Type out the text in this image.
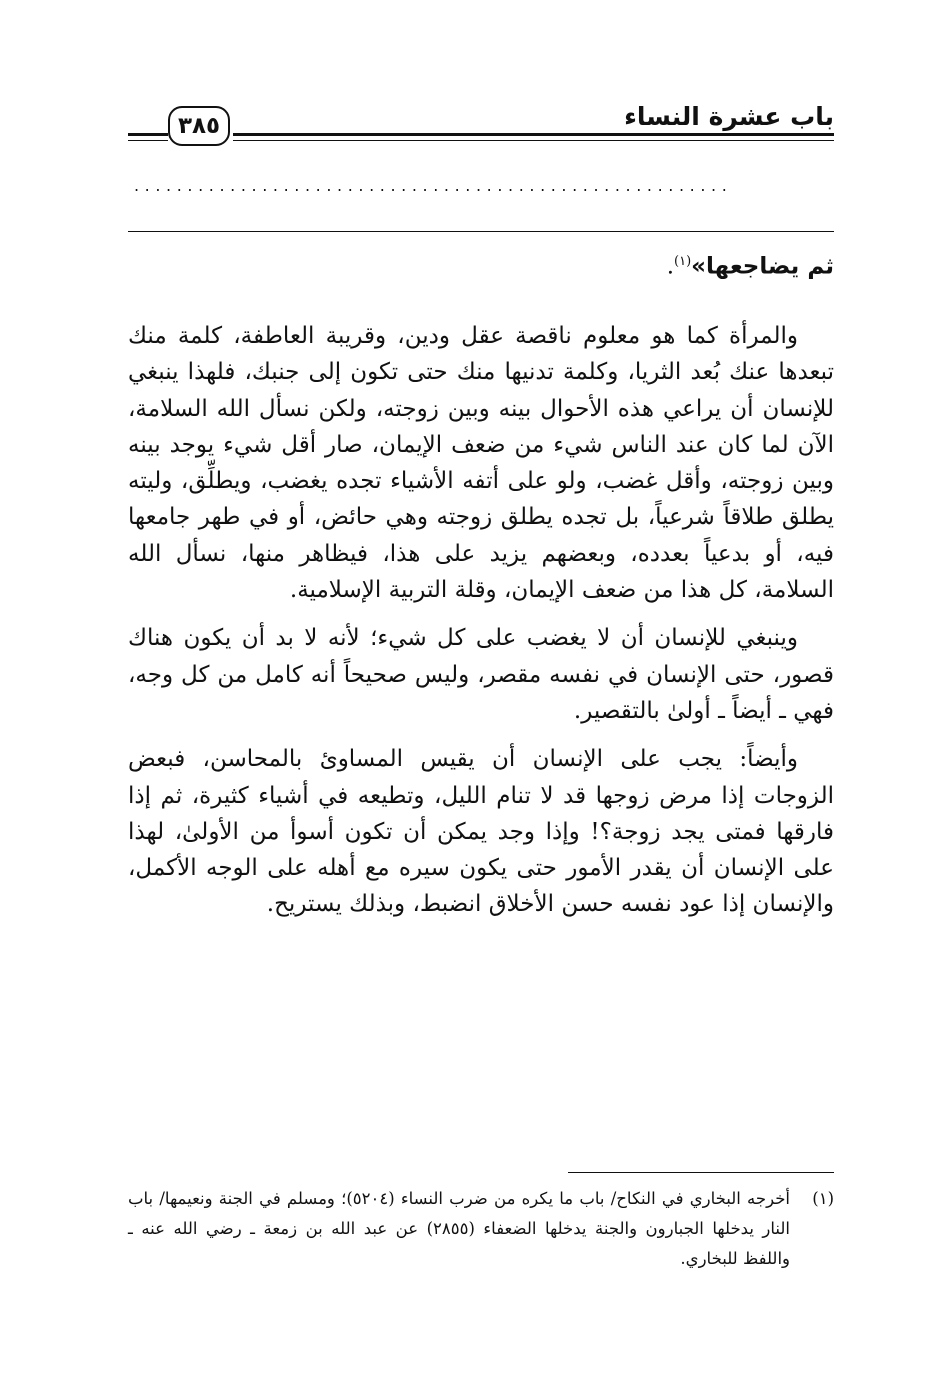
باب عشرة النساء
٣٨٥
........................................................

ثم يضاجعها»$^{(١)}$.

والمرأة كما هو معلوم ناقصة عقل ودين، وقريبة العاطفة، كلمة منك تبعدها عنك بُعد الثريا، وكلمة تدنيها منك حتى تكون إلى جنبك، فلهذا ينبغي للإنسان أن يراعي هذه الأحوال بينه وبين زوجته، ولكن نسأل الله السلامة، الآن لما كان عند الناس شيء من ضعف الإيمان، صار أقل شيء يوجد بينه وبين زوجته، وأقل غضب، ولو على أتفه الأشياء تجده يغضب، ويطلِّق، وليته يطلق طلاقاً شرعياً، بل تجده يطلق زوجته وهي حائض، أو في طهر جامعها فيه، أو بدعياً بعدده، وبعضهم يزيد على هذا، فيظاهر منها، نسأل الله السلامة، كل هذا من ضعف الإيمان، وقلة التربية الإسلامية.

وينبغي للإنسان أن لا يغضب على كل شيء؛ لأنه لا بد أن يكون هناك قصور، حتى الإنسان في نفسه مقصر، وليس صحيحاً أنه كامل من كل وجه، فهي ـ أيضاً ـ أولىٰ بالتقصير.

وأيضاً: يجب على الإنسان أن يقيس المساوئ بالمحاسن، فبعض الزوجات إذا مرض زوجها قد لا تنام الليل، وتطيعه في أشياء كثيرة، ثم إذا فارقها فمتى يجد زوجة؟! وإذا وجد يمكن أن تكون أسوأ من الأولىٰ، لهذا على الإنسان أن يقدر الأمور حتى يكون سيره مع أهله على الوجه الأكمل، والإنسان إذا عود نفسه حسن الأخلاق انضبط، وبذلك يستريح.

(١)
أخرجه البخاري في النكاح/ باب ما يكره من ضرب النساء (٥٢٠٤)؛ ومسلم في الجنة ونعيمها/ باب النار يدخلها الجبارون والجنة يدخلها الضعفاء (٢٨٥٥) عن عبد الله بن زمعة ـ رضي الله عنه ـ واللفظ للبخاري.
